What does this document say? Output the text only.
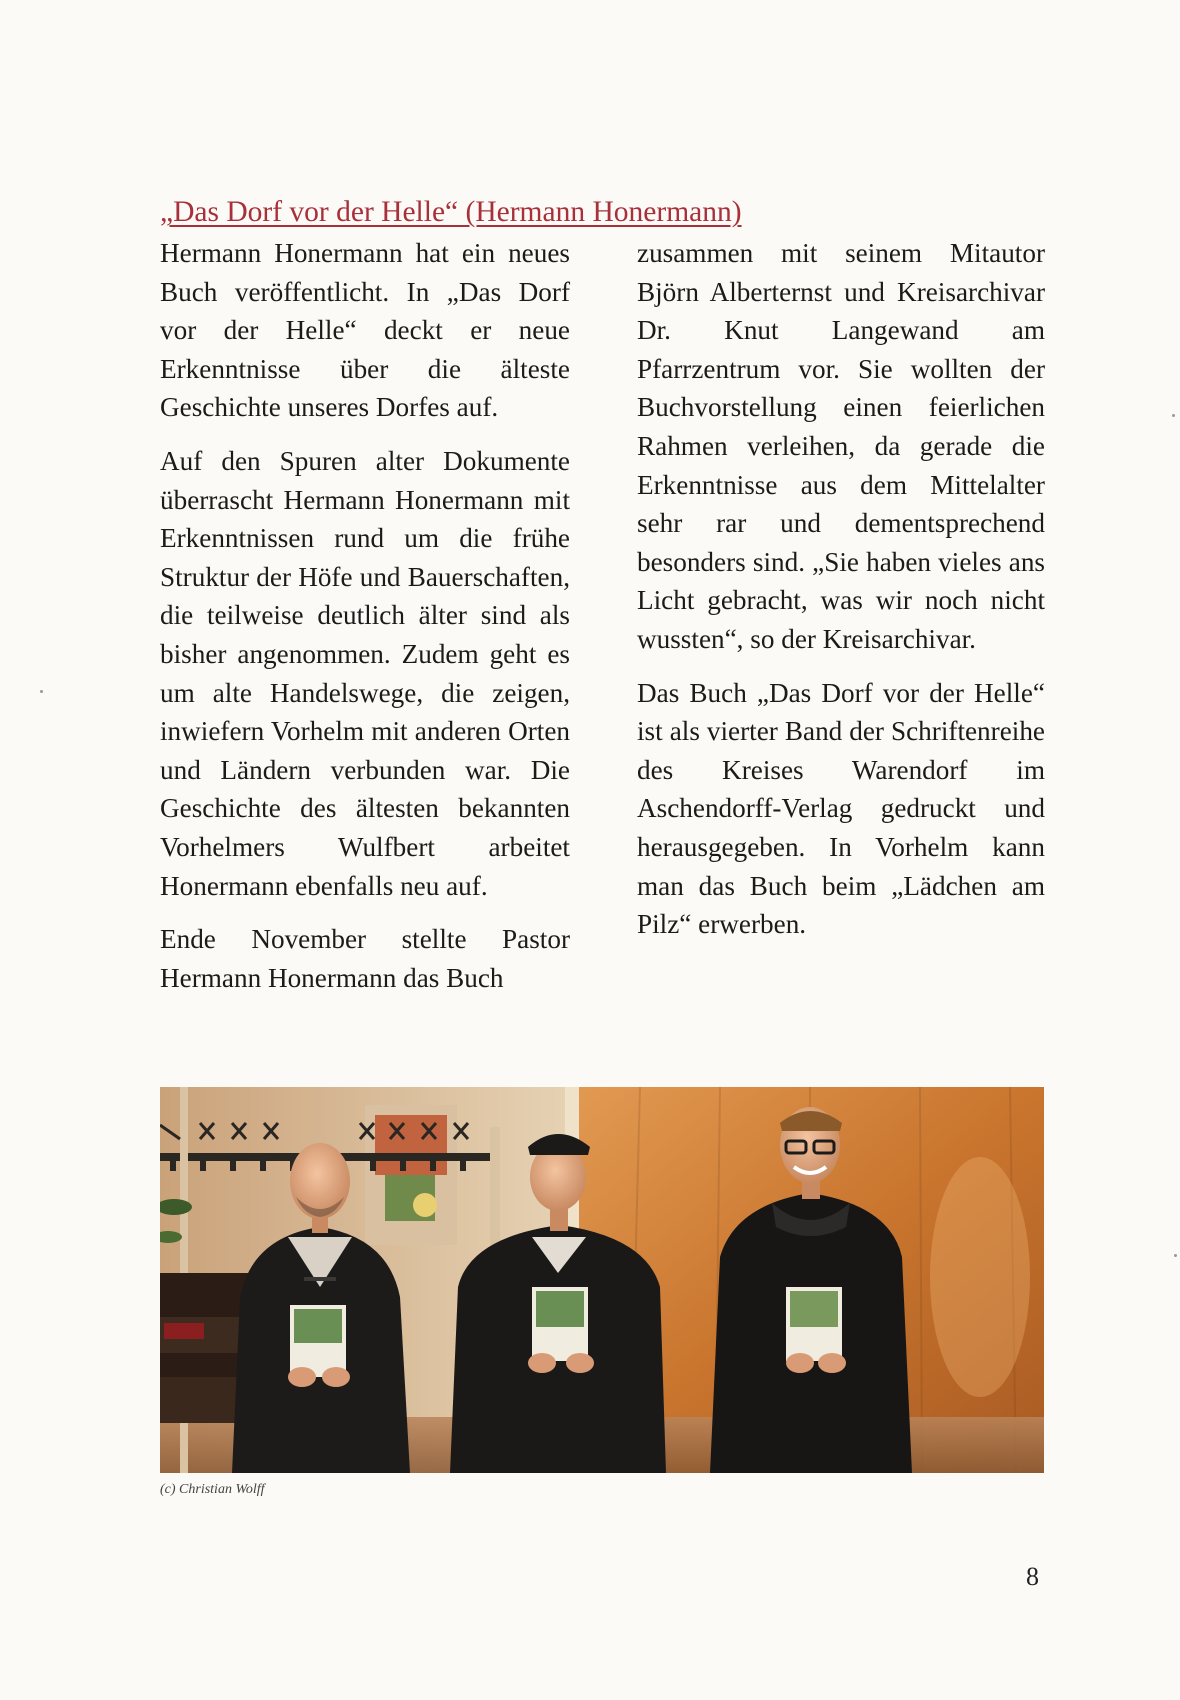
„Das Dorf vor der Helle“ (Hermann Honermann)

Hermann Honermann hat ein neues Buch veröffentlicht. In „Das Dorf vor der Helle“ deckt er neue Erkenntnisse über die älteste Geschichte unseres Dorfes auf.

Auf den Spuren alter Dokumente überrascht Hermann Honermann mit Erkenntnissen rund um die frühe Struktur der Höfe und Bauerschaften, die teilweise deutlich älter sind als bisher angenommen. Zudem geht es um alte Handelswege, die zeigen, inwiefern Vorhelm mit anderen Orten und Ländern verbunden war. Die Geschichte des ältesten bekannten Vorhelmers Wulfbert arbeitet Honermann ebenfalls neu auf.

Ende November stellte Pastor Hermann Honermann das Buch

zusammen mit seinem Mitautor Björn Alberternst und Kreisarchivar Dr. Knut Langewand am Pfarrzentrum vor. Sie wollten der Buchvorstellung einen feierlichen Rahmen verleihen, da gerade die Erkenntnisse aus dem Mittelalter sehr rar und dementsprechend besonders sind. „Sie haben vieles ans Licht gebracht, was wir noch nicht wussten“, so der Kreisarchivar.

Das Buch „Das Dorf vor der Helle“ ist als vierter Band der Schriftenreihe des Kreises Warendorf im Aschendorff-Verlag gedruckt und herausgegeben. In Vorhelm kann man das Buch beim „Lädchen am Pilz“ erwerben.

(c) Christian Wolff
8
